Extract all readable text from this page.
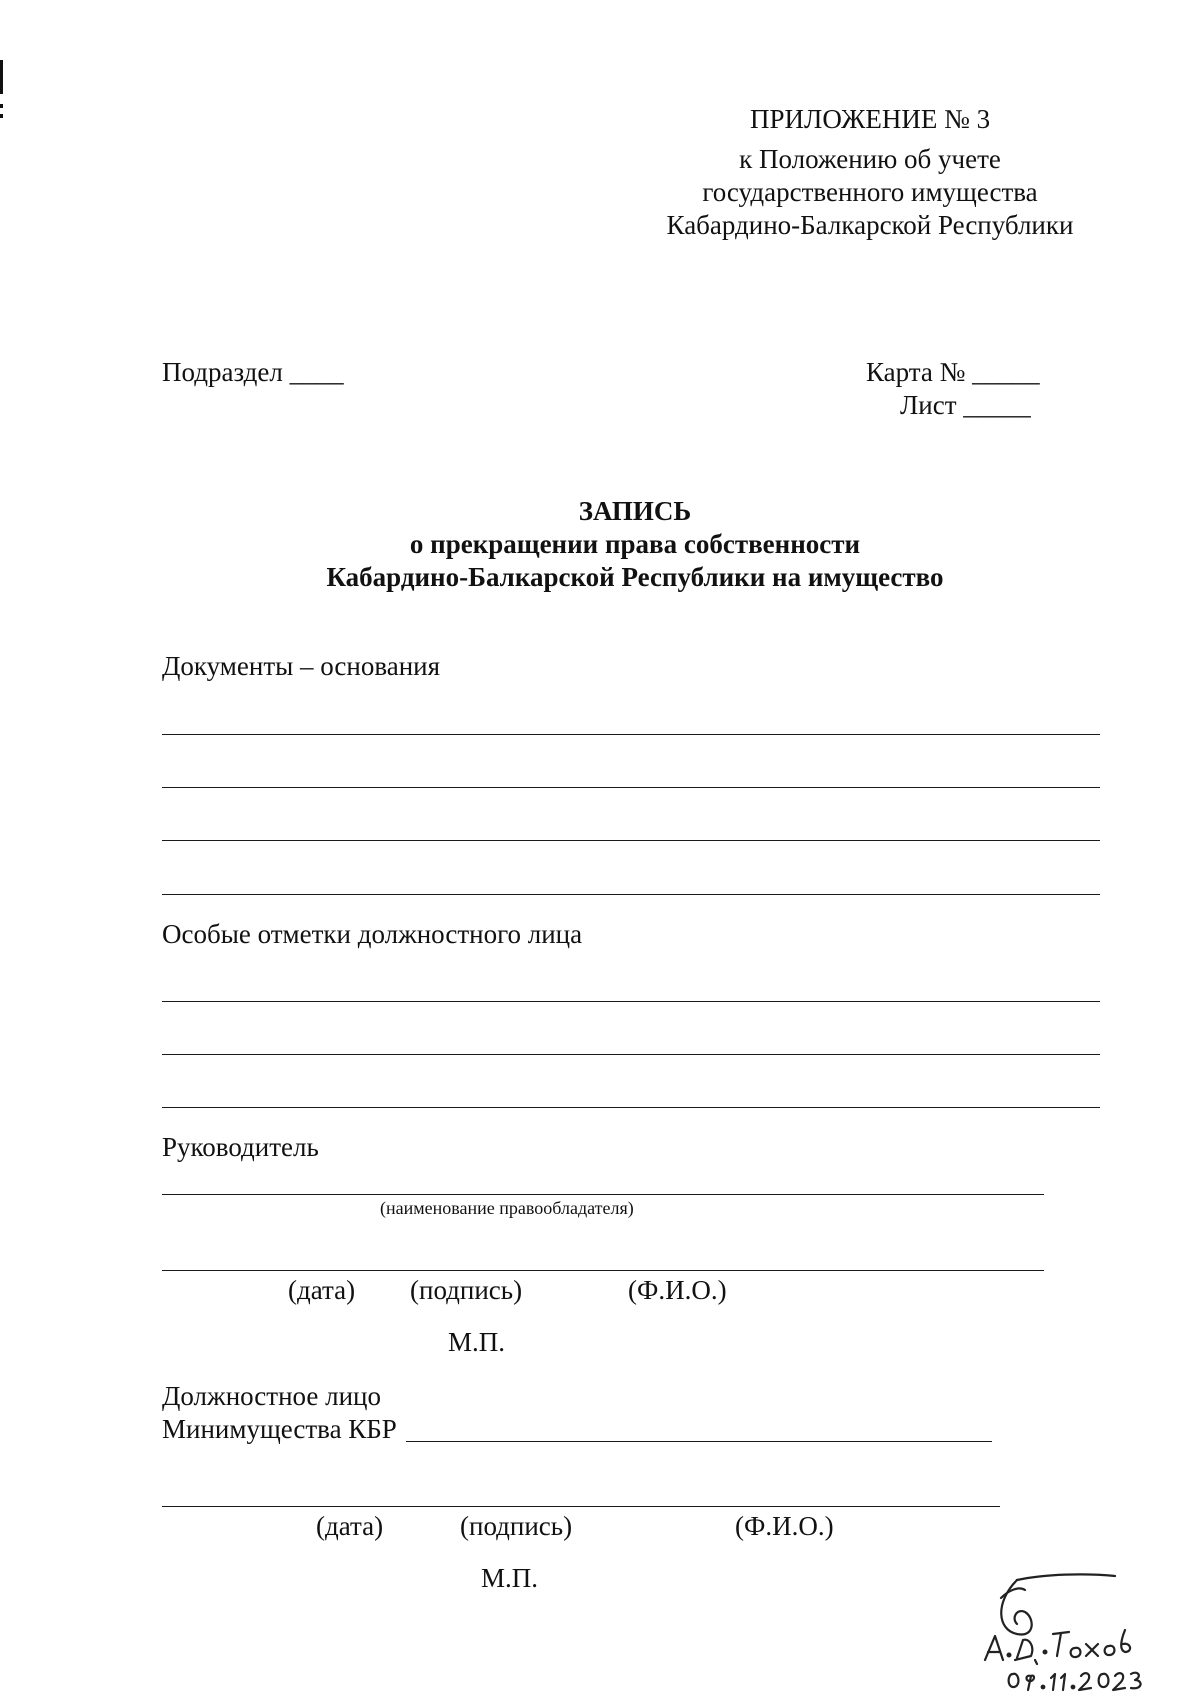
ПРИЛОЖЕНИЕ № 3
к Положению об учете
государственного имущества
Кабардино-Балкарской Республики
Подраздел ____	Карта № _____
Лист _____
ЗАПИСЬ
о прекращении права собственности
Кабардино-Балкарской Республики на имущество
Документы – основания
Особые отметки должностного лица
Руководитель
(наименование правообладателя)
(дата) (подпись)	(Ф.И.О.)
М.П.
Должностное лицо
Минимущества КБР
(дата)	(подпись)	(Ф.И.О.)
М.П.
